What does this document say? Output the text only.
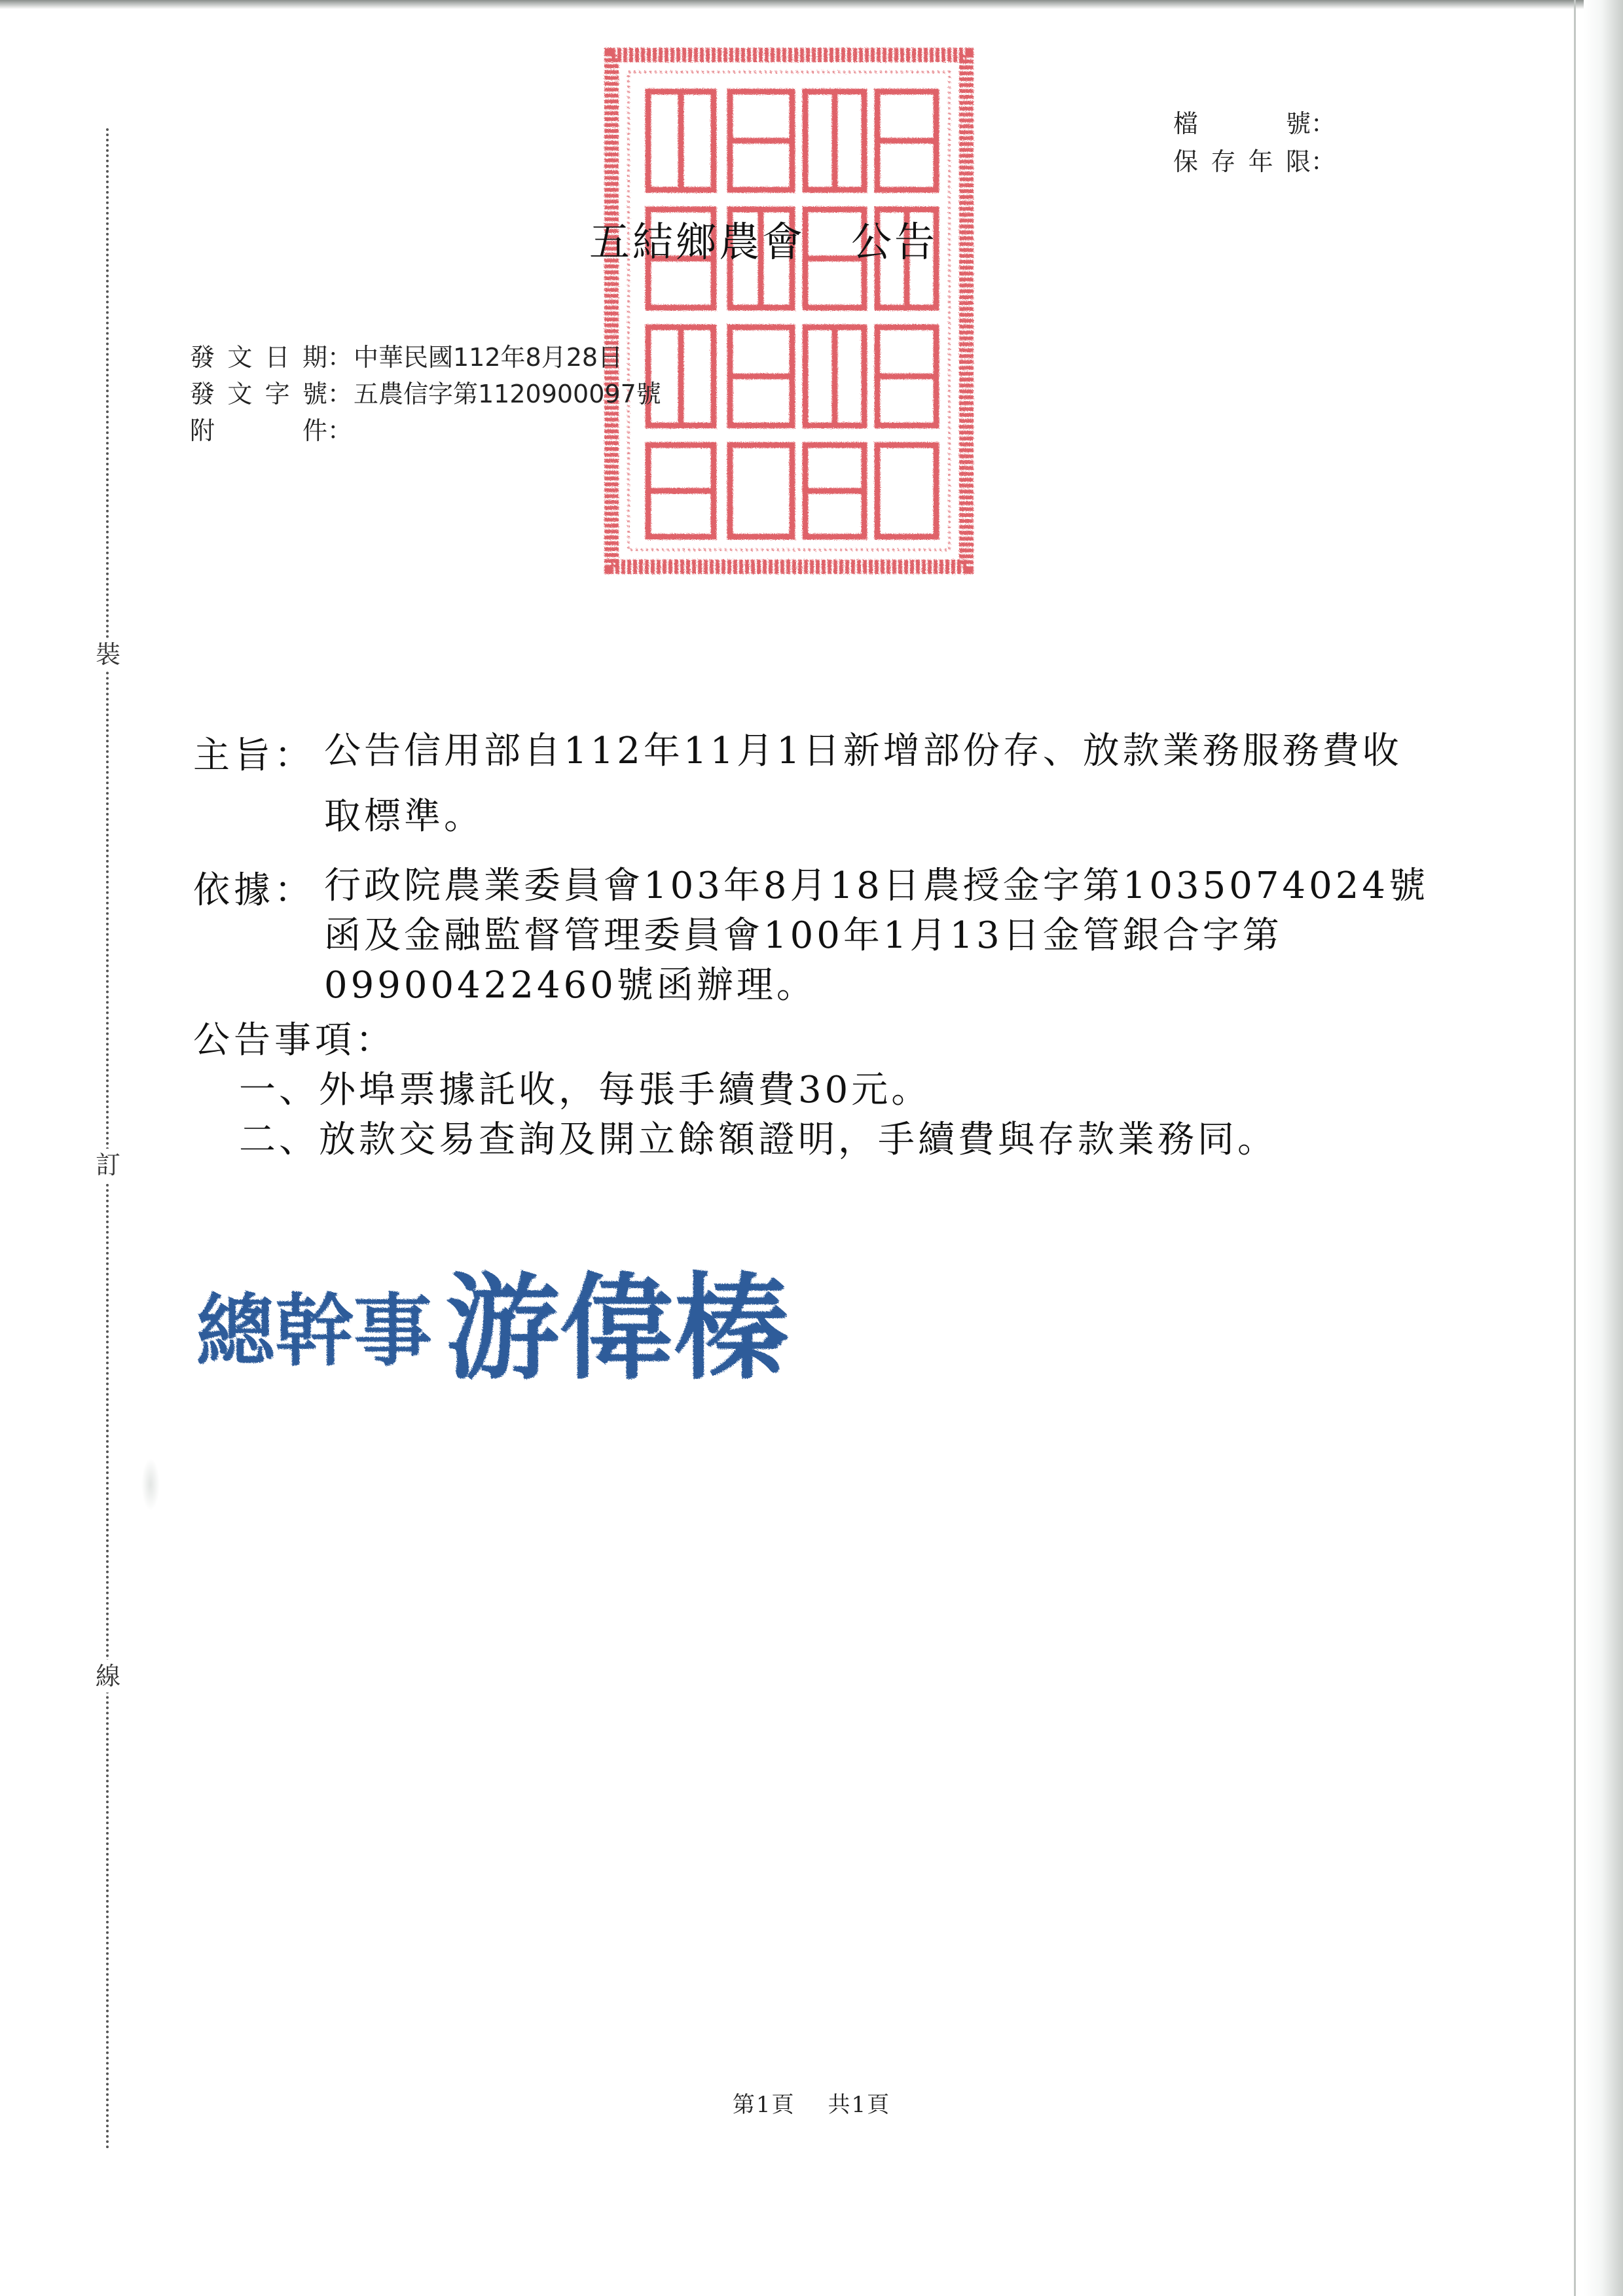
裝
訂
線
檔　號 ：
保存年限 ：
五結鄉農會 公告
發文日期 ： 中華民國112年8月28日
發文字號 ： 五農信字第1120900097號
附件 ：
主旨： 公告信用部自112年11月1日新增部份存、放款業務服務費收取標準。
依據： 行政院農業委員會103年8月18日農授金字第1035074024號函及金融監督管理委員會100年1月13日金管銀合字第09900422460號函辦理。
公告事項：
一、外埠票據託收，每張手續費30元。
二、放款交易查詢及開立餘額證明，手續費與存款業務同。
總幹事 游偉榛
第1頁 共1頁
